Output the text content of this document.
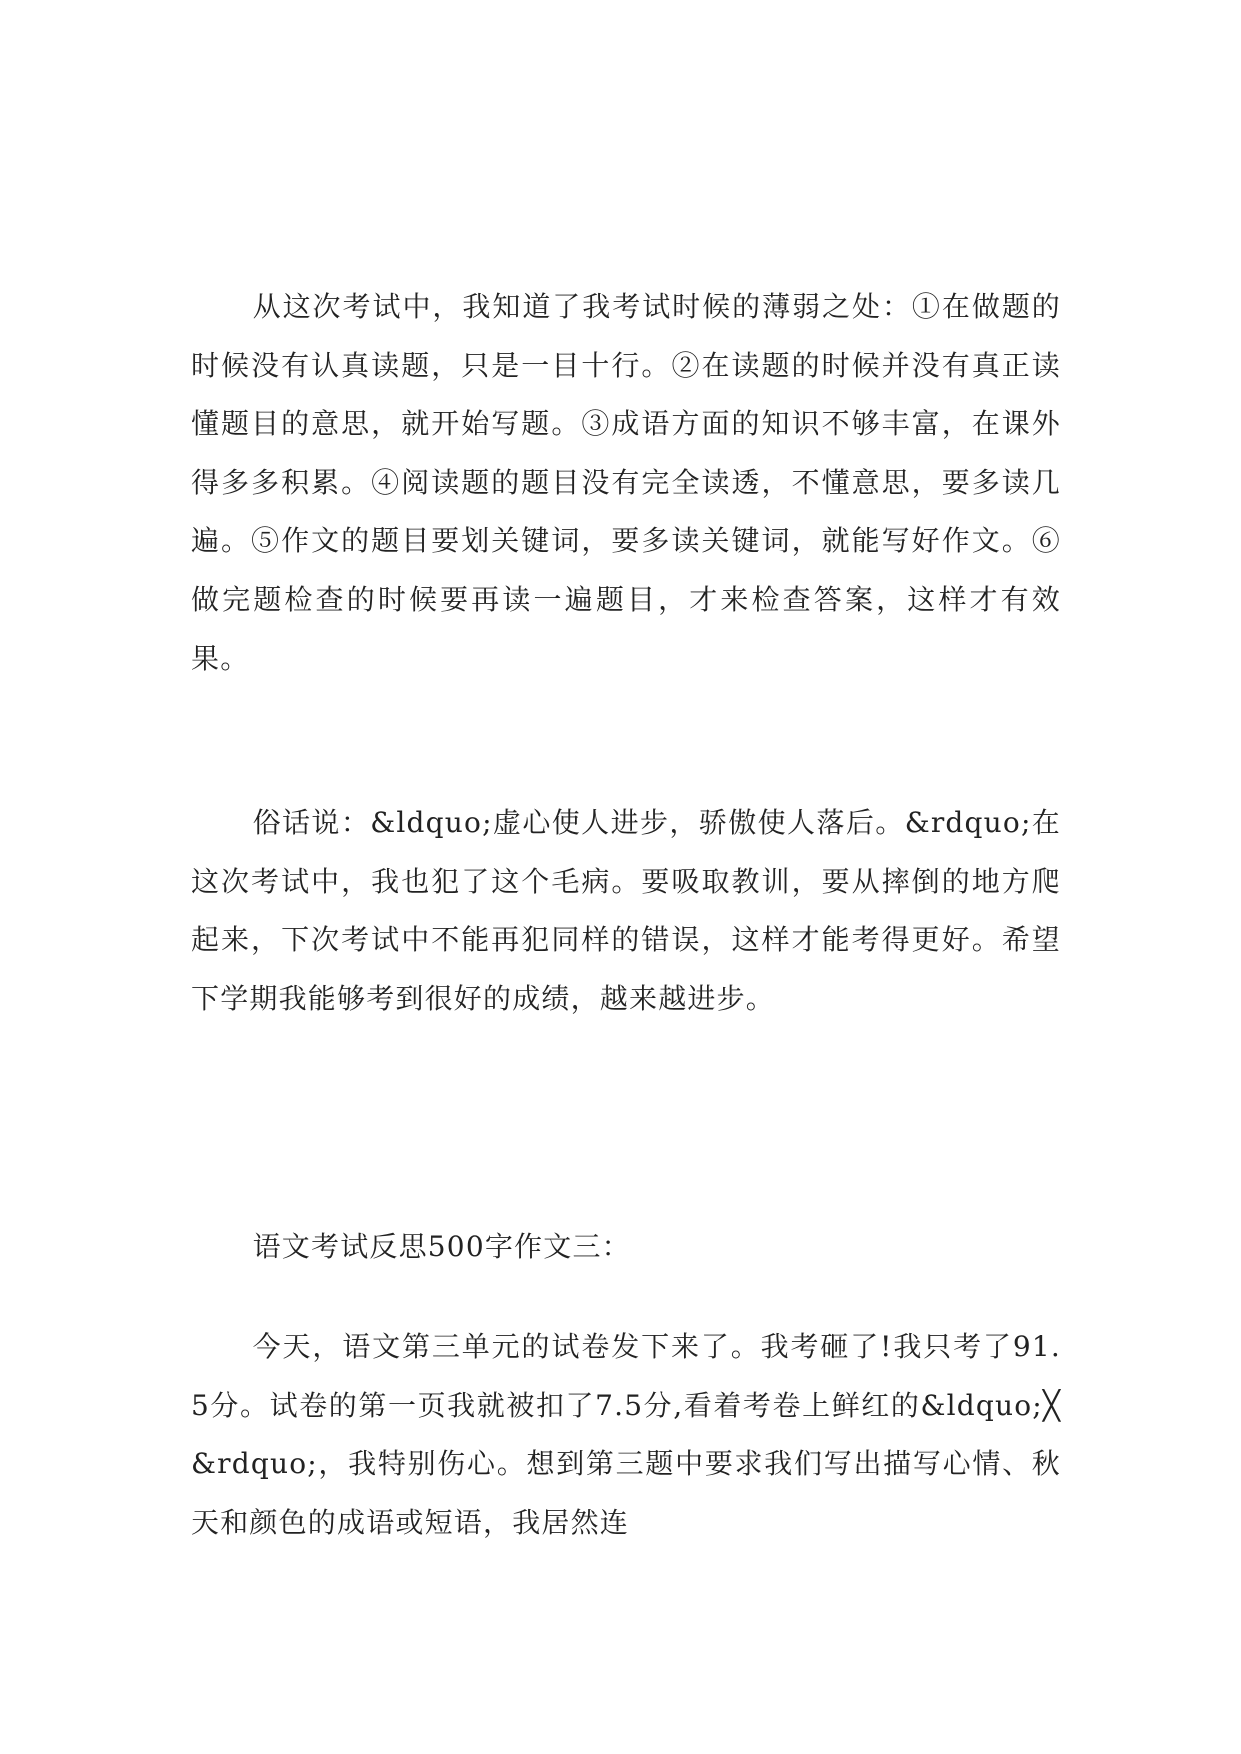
从这次考试中，我知道了我考试时候的薄弱之处：①在做题的时候没有认真读题，只是一目十行。②在读题的时候并没有真正读懂题目的意思，就开始写题。③成语方面的知识不够丰富，在课外得多多积累。④阅读题的题目没有完全读透，不懂意思，要多读几遍。⑤作文的题目要划关键词，要多读关键词，就能写好作文。⑥做完题检查的时候要再读一遍题目，才来检查答案，这样才有效果。

俗话说：&ldquo;虚心使人进步，骄傲使人落后。&rdquo;在这次考试中，我也犯了这个毛病。要吸取教训，要从摔倒的地方爬起来，下次考试中不能再犯同样的错误，这样才能考得更好。希望下学期我能够考到很好的成绩，越来越进步。

语文考试反思500字作文三：

今天，语文第三单元的试卷发下来了。我考砸了!我只考了91.5分。试卷的第一页我就被扣了7.5分,看着考卷上鲜红的&ldquo;╳&rdquo;，我特别伤心。想到第三题中要求我们写出描写心情、秋天和颜色的成语或短语，我居然连
